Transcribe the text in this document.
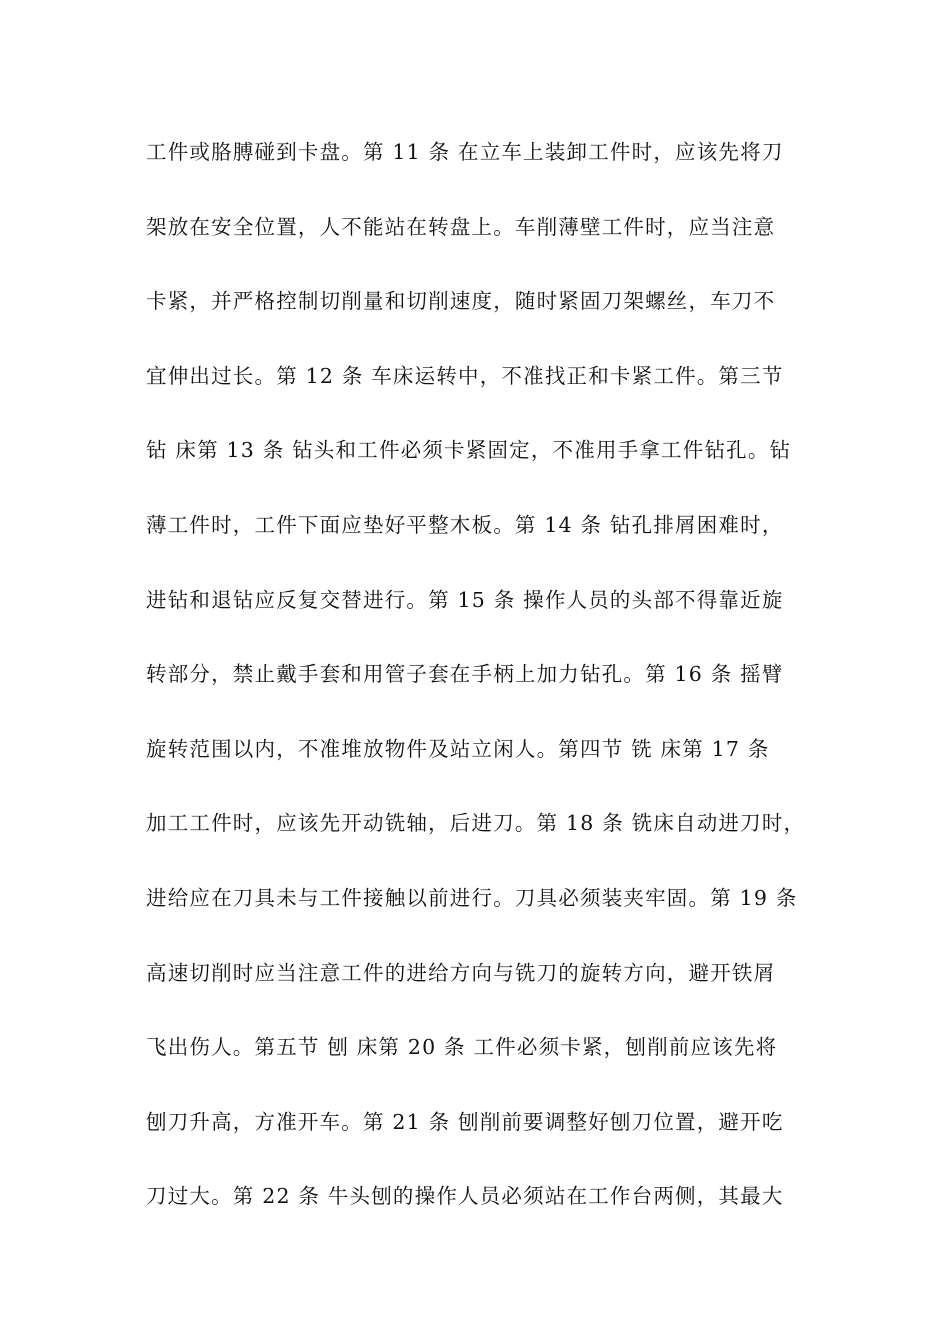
工件或胳膊碰到卡盘。第 11 条 在立车上装卸工件时，应该先将刀
架放在安全位置，人不能站在转盘上。车削薄壁工件时，应当注意
卡紧，并严格控制切削量和切削速度，随时紧固刀架螺丝，车刀不
宜伸出过长。第 12 条 车床运转中，不准找正和卡紧工件。第三节
钻 床第 13 条 钻头和工件必须卡紧固定，不准用手拿工件钻孔。钻
薄工件时，工件下面应垫好平整木板。第 14 条 钻孔排屑困难时，
进钻和退钻应反复交替进行。第 15 条 操作人员的头部不得靠近旋
转部分，禁止戴手套和用管子套在手柄上加力钻孔。第 16 条 摇臂
旋转范围以内，不准堆放物件及站立闲人。第四节 铣 床第 17 条
加工工件时，应该先开动铣轴，后进刀。第 18 条 铣床自动进刀时，
进给应在刀具未与工件接触以前进行。刀具必须装夹牢固。第 19 条
高速切削时应当注意工件的进给方向与铣刀的旋转方向，避开铁屑
飞出伤人。第五节 刨 床第 20 条 工件必须卡紧，刨削前应该先将
刨刀升高，方准开车。第 21 条 刨削前要调整好刨刀位置，避开吃
刀过大。第 22 条 牛头刨的操作人员必须站在工作台两侧，其最大
